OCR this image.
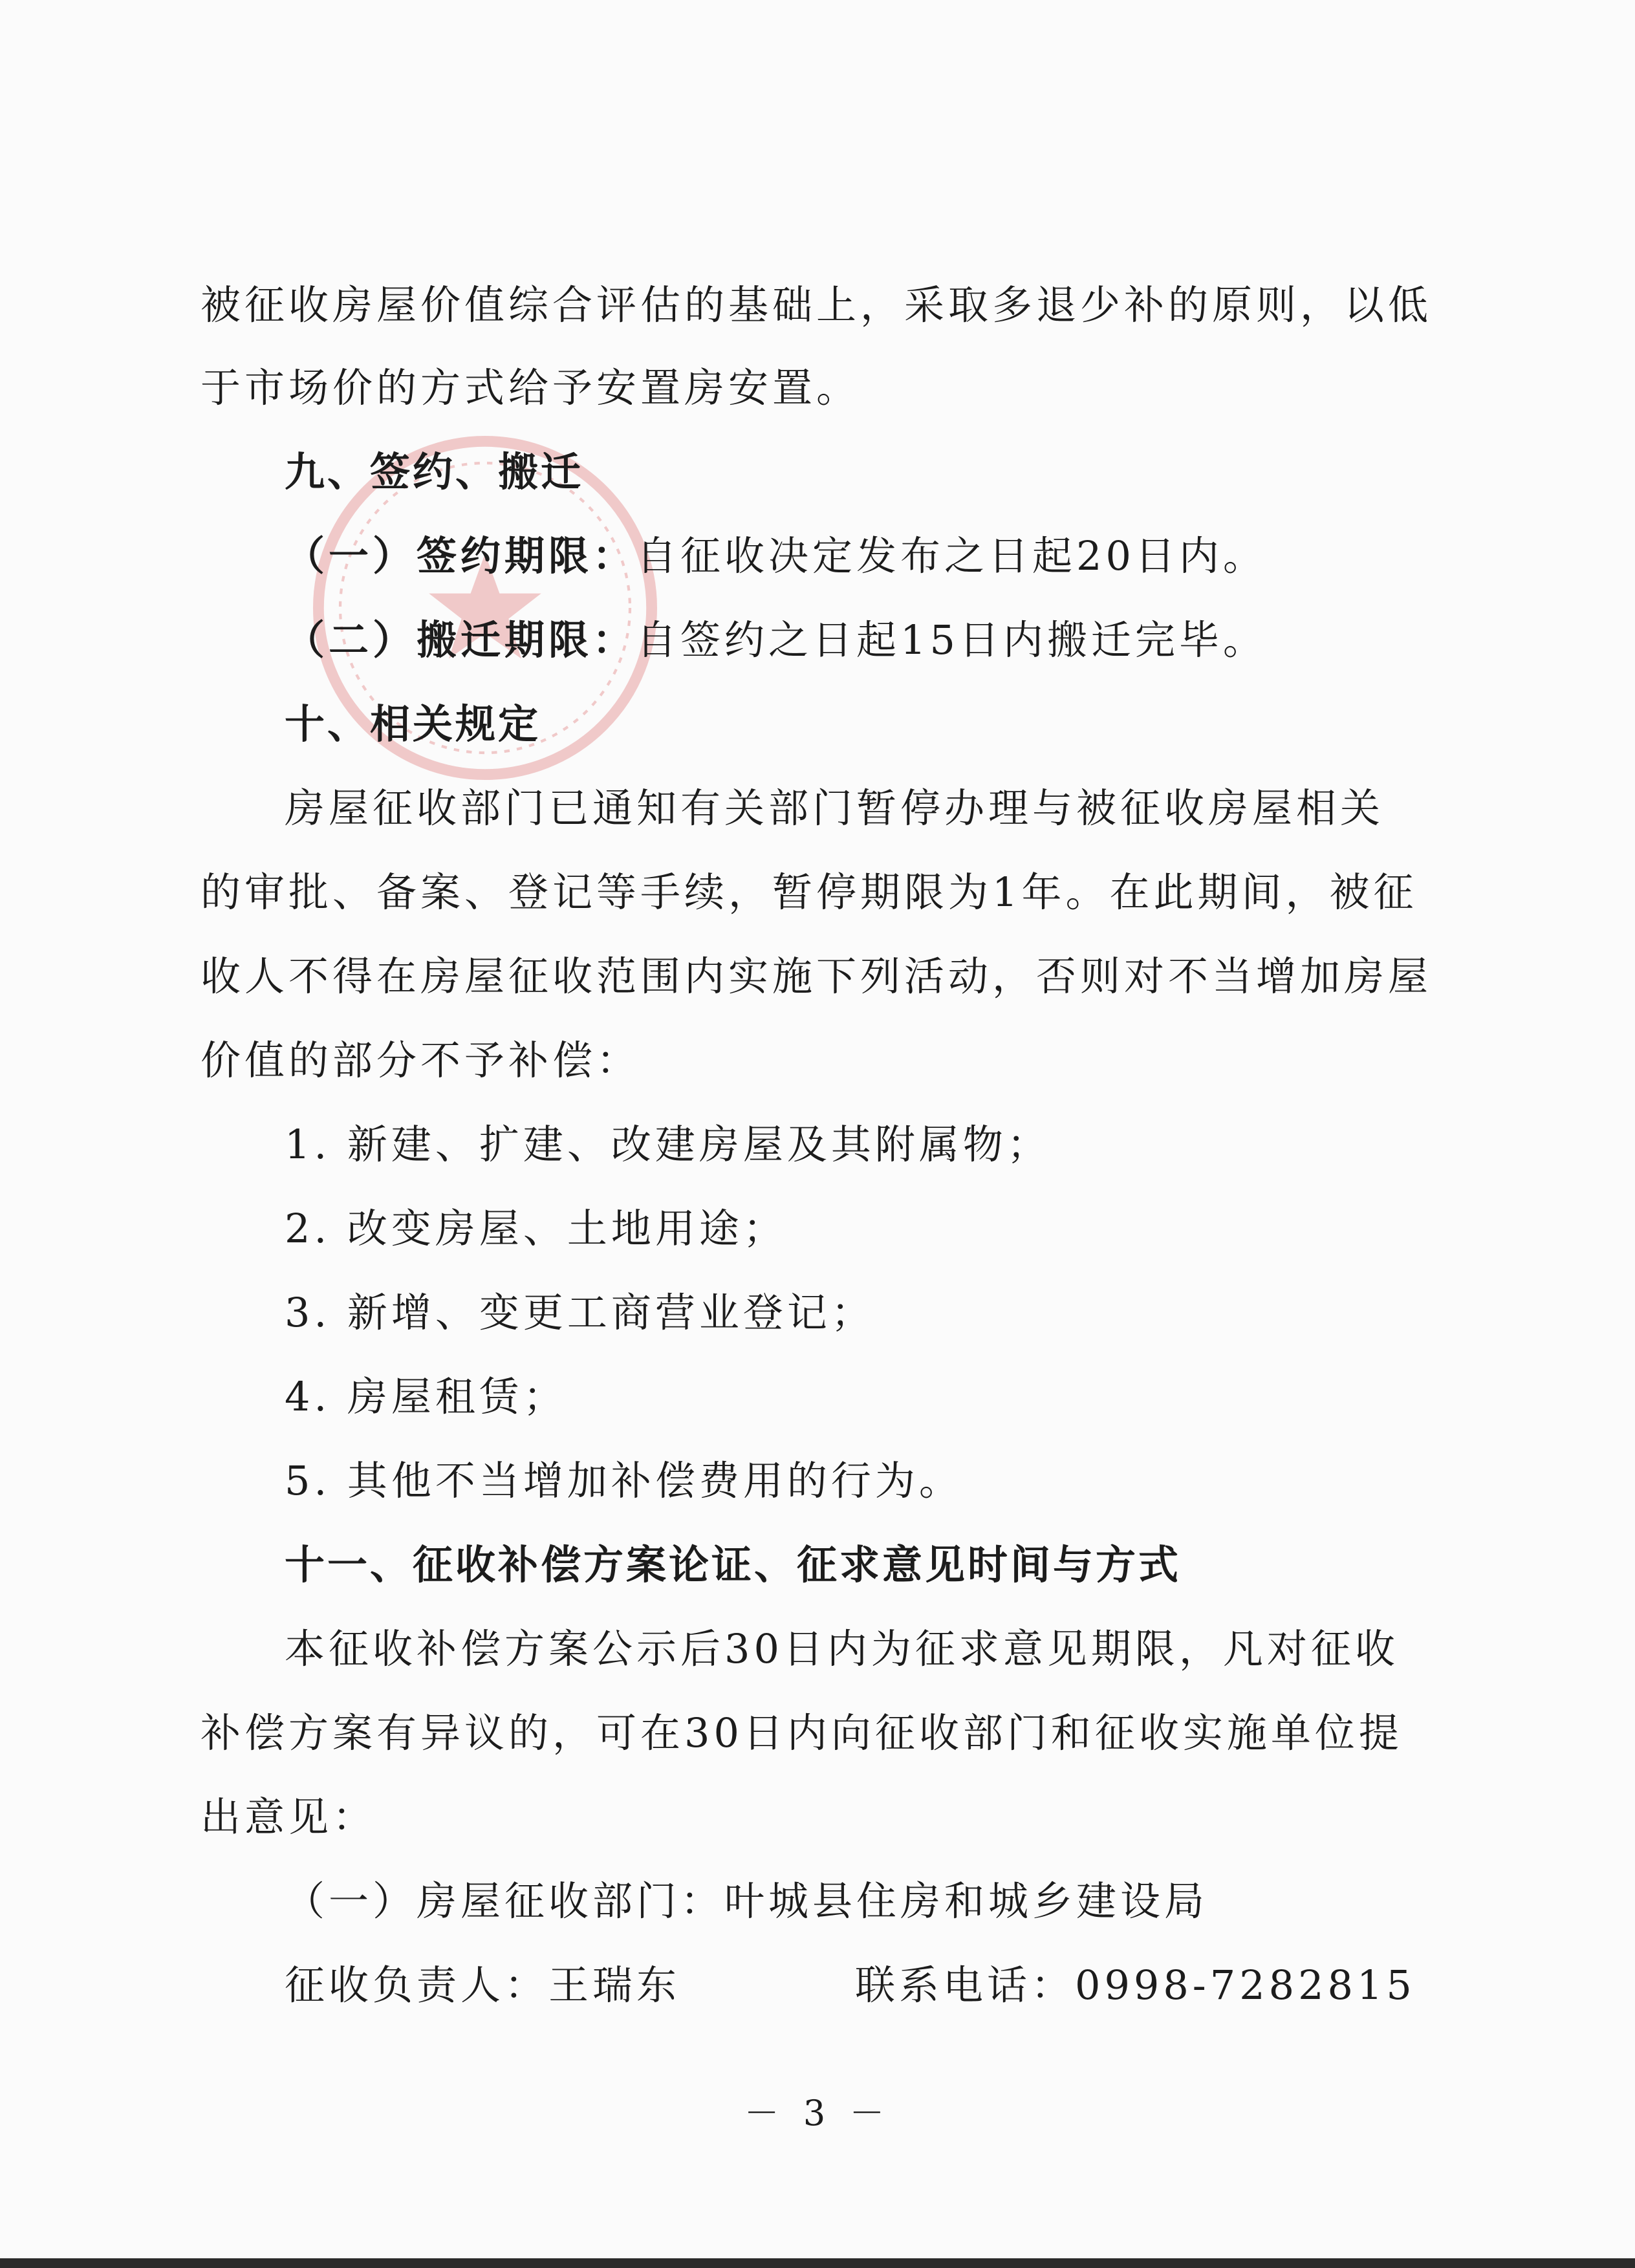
被征收房屋价值综合评估的基础上，采取多退少补的原则，以低
于市场价的方式给予安置房安置。
九、签约、搬迁
（一）签约期限：自征收决定发布之日起20日内。
（二）搬迁期限：自签约之日起15日内搬迁完毕。
十、相关规定
房屋征收部门已通知有关部门暂停办理与被征收房屋相关
的审批、备案、登记等手续，暂停期限为1年。在此期间，被征
收人不得在房屋征收范围内实施下列活动，否则对不当增加房屋
价值的部分不予补偿：
1. 新建、扩建、改建房屋及其附属物；
2. 改变房屋、土地用途；
3. 新增、变更工商营业登记；
4. 房屋租赁；
5. 其他不当增加补偿费用的行为。
十一、征收补偿方案论证、征求意见时间与方式
本征收补偿方案公示后30日内为征求意见期限，凡对征收
补偿方案有异议的，可在30日内向征收部门和征收实施单位提
出意见：
（一）房屋征收部门：叶城县住房和城乡建设局
征收负责人：王瑞东	联系电话：0998-7282815
－ 3 －
